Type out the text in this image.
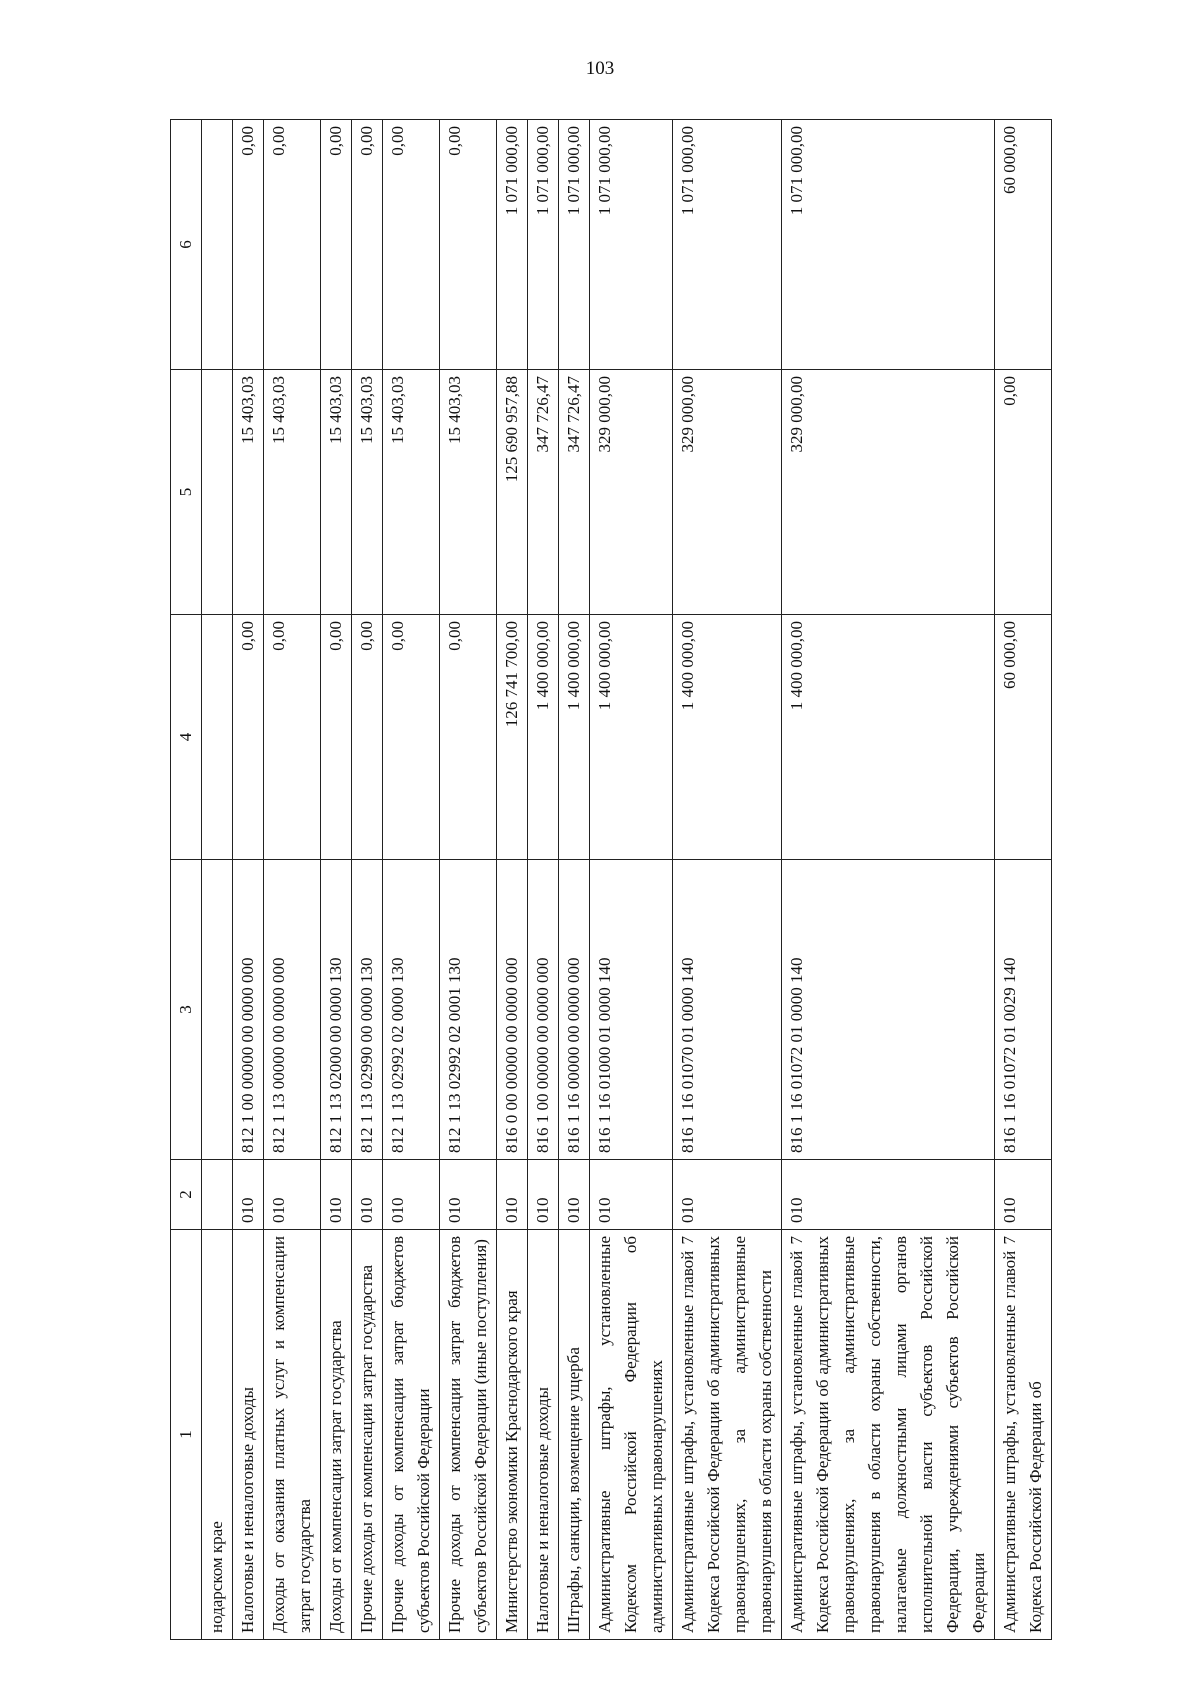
103
1	2	3	4	5	6
нодарском крае					
Налоговые и неналоговые доходы	010	812 1 00 00000 00 0000 000	0,00	15 403,03	0,00
Доходы от оказания платных услуг и компенсации затрат государства	010	812 1 13 00000 00 0000 000	0,00	15 403,03	0,00
Доходы от компенсации затрат государства	010	812 1 13 02000 00 0000 130	0,00	15 403,03	0,00
Прочие доходы от компенсации затрат государства	010	812 1 13 02990 00 0000 130	0,00	15 403,03	0,00
Прочие доходы от компенсации затрат бюджетов субъектов Российской Федерации	010	812 1 13 02992 02 0000 130	0,00	15 403,03	0,00
Прочие доходы от компенсации затрат бюджетов субъектов Российской Федерации (иные поступления)	010	812 1 13 02992 02 0001 130	0,00	15 403,03	0,00
Министерство экономики Краснодарского края	010	816 0 00 00000 00 0000 000	126 741 700,00	125 690 957,88	1 071 000,00
Налоговые и неналоговые доходы	010	816 1 00 00000 00 0000 000	1 400 000,00	347 726,47	1 071 000,00
Штрафы, санкции, возмещение ущерба	010	816 1 16 00000 00 0000 000	1 400 000,00	347 726,47	1 071 000,00
Административные штрафы, установленные Кодексом Российской Федерации об административных правонарушениях	010	816 1 16 01000 01 0000 140	1 400 000,00	329 000,00	1 071 000,00
Административные штрафы, установленные главой 7 Кодекса Российской Федерации об административных правонарушениях, за административные правонарушения в области охраны собственности	010	816 1 16 01070 01 0000 140	1 400 000,00	329 000,00	1 071 000,00
Административные штрафы, установленные главой 7 Кодекса Российской Федерации об административных правонарушениях, за административные правонарушения в области охраны собственности, налагаемые должностными лицами органов исполнительной власти субъектов Российской Федерации, учреждениями субъектов Российской Федерации	010	816 1 16 01072 01 0000 140	1 400 000,00	329 000,00	1 071 000,00
Административные штрафы, установленные главой 7 Кодекса Российской Федерации об	010	816 1 16 01072 01 0029 140	60 000,00	0,00	60 000,00
